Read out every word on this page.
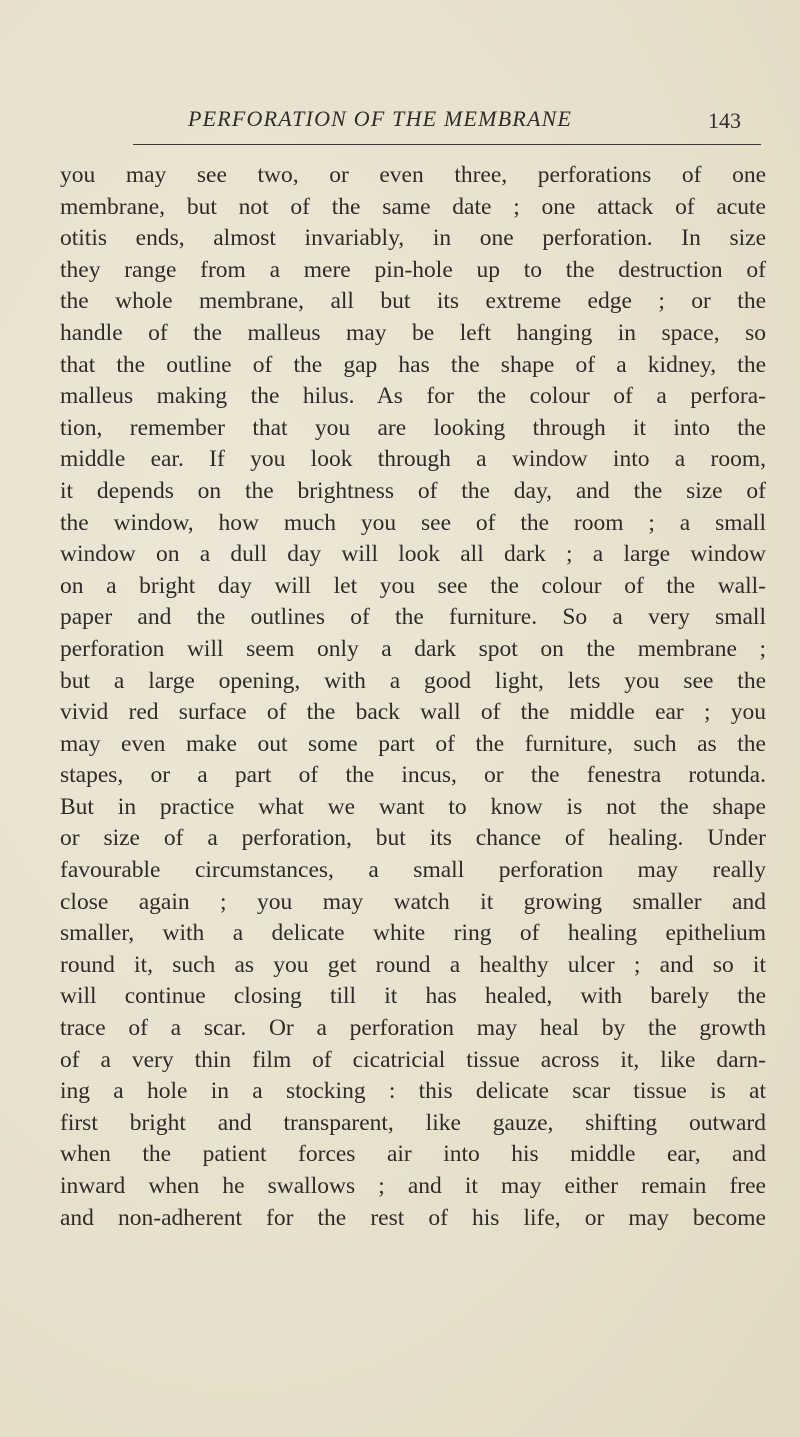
PERFORATION OF THE MEMBRANE	143
you may see two, or even three, perforations of one
membrane, but not of the same date ; one attack of acute
otitis ends, almost invariably, in one perforation. In size
they range from a mere pin-hole up to the destruction of
the whole membrane, all but its extreme edge ; or the
handle of the malleus may be left hanging in space, so
that the outline of the gap has the shape of a kidney, the
malleus making the hilus. As for the colour of a perfora-
tion, remember that you are looking through it into the
middle ear. If you look through a window into a room,
it depends on the brightness of the day, and the size of
the window, how much you see of the room ; a small
window on a dull day will look all dark ; a large window
on a bright day will let you see the colour of the wall-
paper and the outlines of the furniture. So a very small
perforation will seem only a dark spot on the membrane ;
but a large opening, with a good light, lets you see the
vivid red surface of the back wall of the middle ear ; you
may even make out some part of the furniture, such as the
stapes, or a part of the incus, or the fenestra rotunda.
But in practice what we want to know is not the shape
or size of a perforation, but its chance of healing. Under
favourable circumstances, a small perforation may really
close again ; you may watch it growing smaller and
smaller, with a delicate white ring of healing epithelium
round it, such as you get round a healthy ulcer ; and so it
will continue closing till it has healed, with barely the
trace of a scar. Or a perforation may heal by the growth
of a very thin film of cicatricial tissue across it, like darn-
ing a hole in a stocking : this delicate scar tissue is at
first bright and transparent, like gauze, shifting outward
when the patient forces air into his middle ear, and
inward when he swallows ; and it may either remain free
and non-adherent for the rest of his life, or may become
